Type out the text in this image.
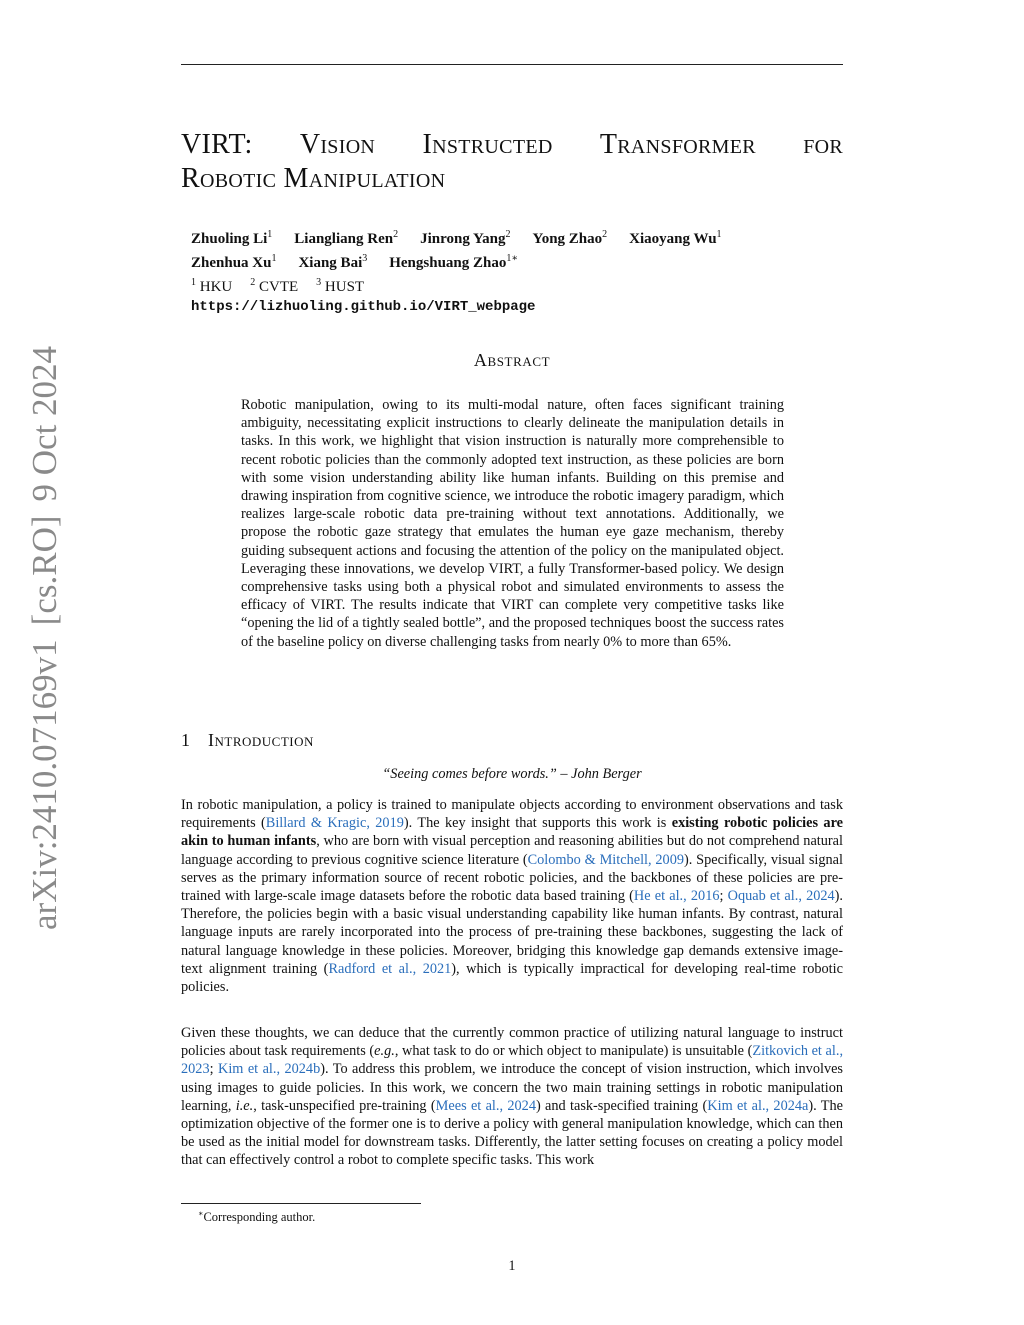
arXiv:2410.07169v1[cs.RO]9 Oct 2024
VIRT: Vision Instructed Transformer for
Robotic Manipulation
Zhuoling Li$^1$ Liangliang Ren$^2$ Jinrong Yang$^2$ Yong Zhao$^2$ Xiaoyang Wu$^1$
Zhenhua Xu$^1$ Xiang Bai$^3$ Hengshuang Zhao$^{1∗}$
$^1$ HKU $^2$ CVTE $^3$ HUST
https://lizhuoling.github.io/VIRT_webpage
Abstract
Robotic manipulation, owing to its multi-modal nature, often faces significant training ambiguity, necessitating explicit instructions to clearly delineate the manipulation details in tasks. In this work, we highlight that vision instruction is naturally more comprehensible to recent robotic policies than the commonly adopted text instruction, as these policies are born with some vision understanding ability like human infants. Building on this premise and drawing inspiration from cognitive science, we introduce the robotic imagery paradigm, which realizes large-scale robotic data pre-training without text annotations. Additionally, we propose the robotic gaze strategy that emulates the human eye gaze mechanism, thereby guiding subsequent actions and focusing the attention of the policy on the manipulated object. Leveraging these innovations, we develop VIRT, a fully Transformer-based policy. We design comprehensive tasks using both a physical robot and simulated environments to assess the efficacy of VIRT. The results indicate that VIRT can complete very competitive tasks like “opening the lid of a tightly sealed bottle”, and the proposed techniques boost the success rates of the baseline policy on diverse challenging tasks from nearly 0% to more than 65%.
1 Introduction
“Seeing comes before words.” – John Berger

In robotic manipulation, a policy is trained to manipulate objects according to environment observations and task requirements (Billard & Kragic, 2019). The key insight that supports this work is existing robotic policies are akin to human infants, who are born with visual perception and reasoning abilities but do not comprehend natural language according to previous cognitive science literature (Colombo & Mitchell, 2009). Specifically, visual signal serves as the primary information source of recent robotic policies, and the backbones of these policies are pre-trained with large-scale image datasets before the robotic data based training (He et al., 2016; Oquab et al., 2024). Therefore, the policies begin with a basic visual understanding capability like human infants. By contrast, natural language inputs are rarely incorporated into the process of pre-training these backbones, suggesting the lack of natural language knowledge in these policies. Moreover, bridging this knowledge gap demands extensive image-text alignment training (Radford et al., 2021), which is typically impractical for developing real-time robotic policies.

Given these thoughts, we can deduce that the currently common practice of utilizing natural language to instruct policies about task requirements (e.g., what task to do or which object to manipulate) is unsuitable (Zitkovich et al., 2023; Kim et al., 2024b). To address this problem, we introduce the concept of vision instruction, which involves using images to guide policies. In this work, we concern the two main training settings in robotic manipulation learning, i.e., task-unspecified pre-training (Mees et al., 2024) and task-specified training (Kim et al., 2024a). The optimization objective of the former one is to derive a policy with general manipulation knowledge, which can then be used as the initial model for downstream tasks. Differently, the latter setting focuses on creating a policy model that can effectively control a robot to complete specific tasks. This work

∗Corresponding author.
1
